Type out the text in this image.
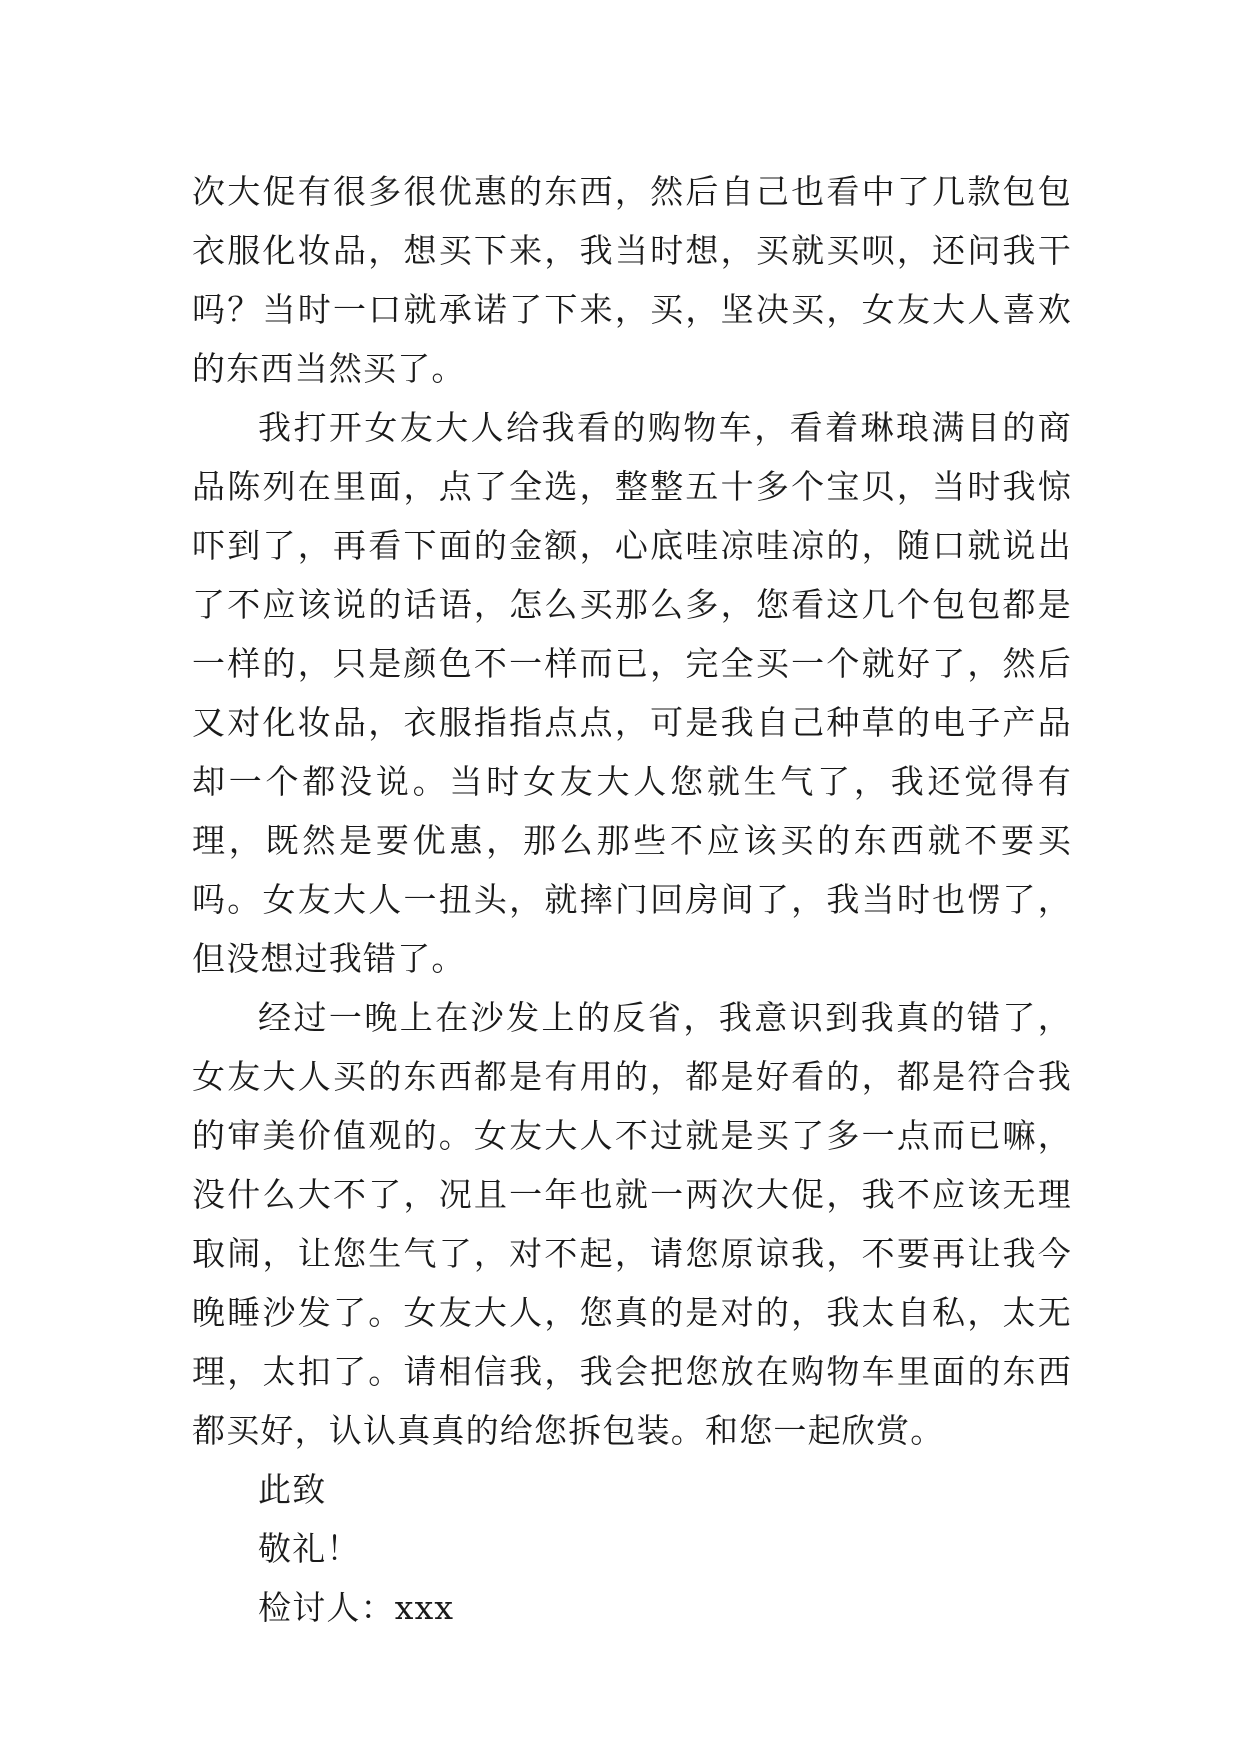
次大促有很多很优惠的东西，然后自己也看中了几款包包衣服化妆品，想买下来，我当时想，买就买呗，还问我干吗？当时一口就承诺了下来，买，坚决买，女友大人喜欢的东西当然买了。

我打开女友大人给我看的购物车，看着琳琅满目的商品陈列在里面，点了全选，整整五十多个宝贝，当时我惊吓到了，再看下面的金额，心底哇凉哇凉的，随口就说出了不应该说的话语，怎么买那么多，您看这几个包包都是一样的，只是颜色不一样而已，完全买一个就好了，然后又对化妆品，衣服指指点点，可是我自己种草的电子产品却一个都没说。当时女友大人您就生气了，我还觉得有理，既然是要优惠，那么那些不应该买的东西就不要买吗。女友大人一扭头，就摔门回房间了，我当时也愣了，但没想过我错了。

经过一晚上在沙发上的反省，我意识到我真的错了，女友大人买的东西都是有用的，都是好看的，都是符合我的审美价值观的。女友大人不过就是买了多一点而已嘛，没什么大不了，况且一年也就一两次大促，我不应该无理取闹，让您生气了，对不起，请您原谅我，不要再让我今晚睡沙发了。女友大人，您真的是对的，我太自私，太无理，太扣了。请相信我，我会把您放在购物车里面的东西都买好，认认真真的给您拆包装。和您一起欣赏。

此致

敬礼！

检讨人：xxx
